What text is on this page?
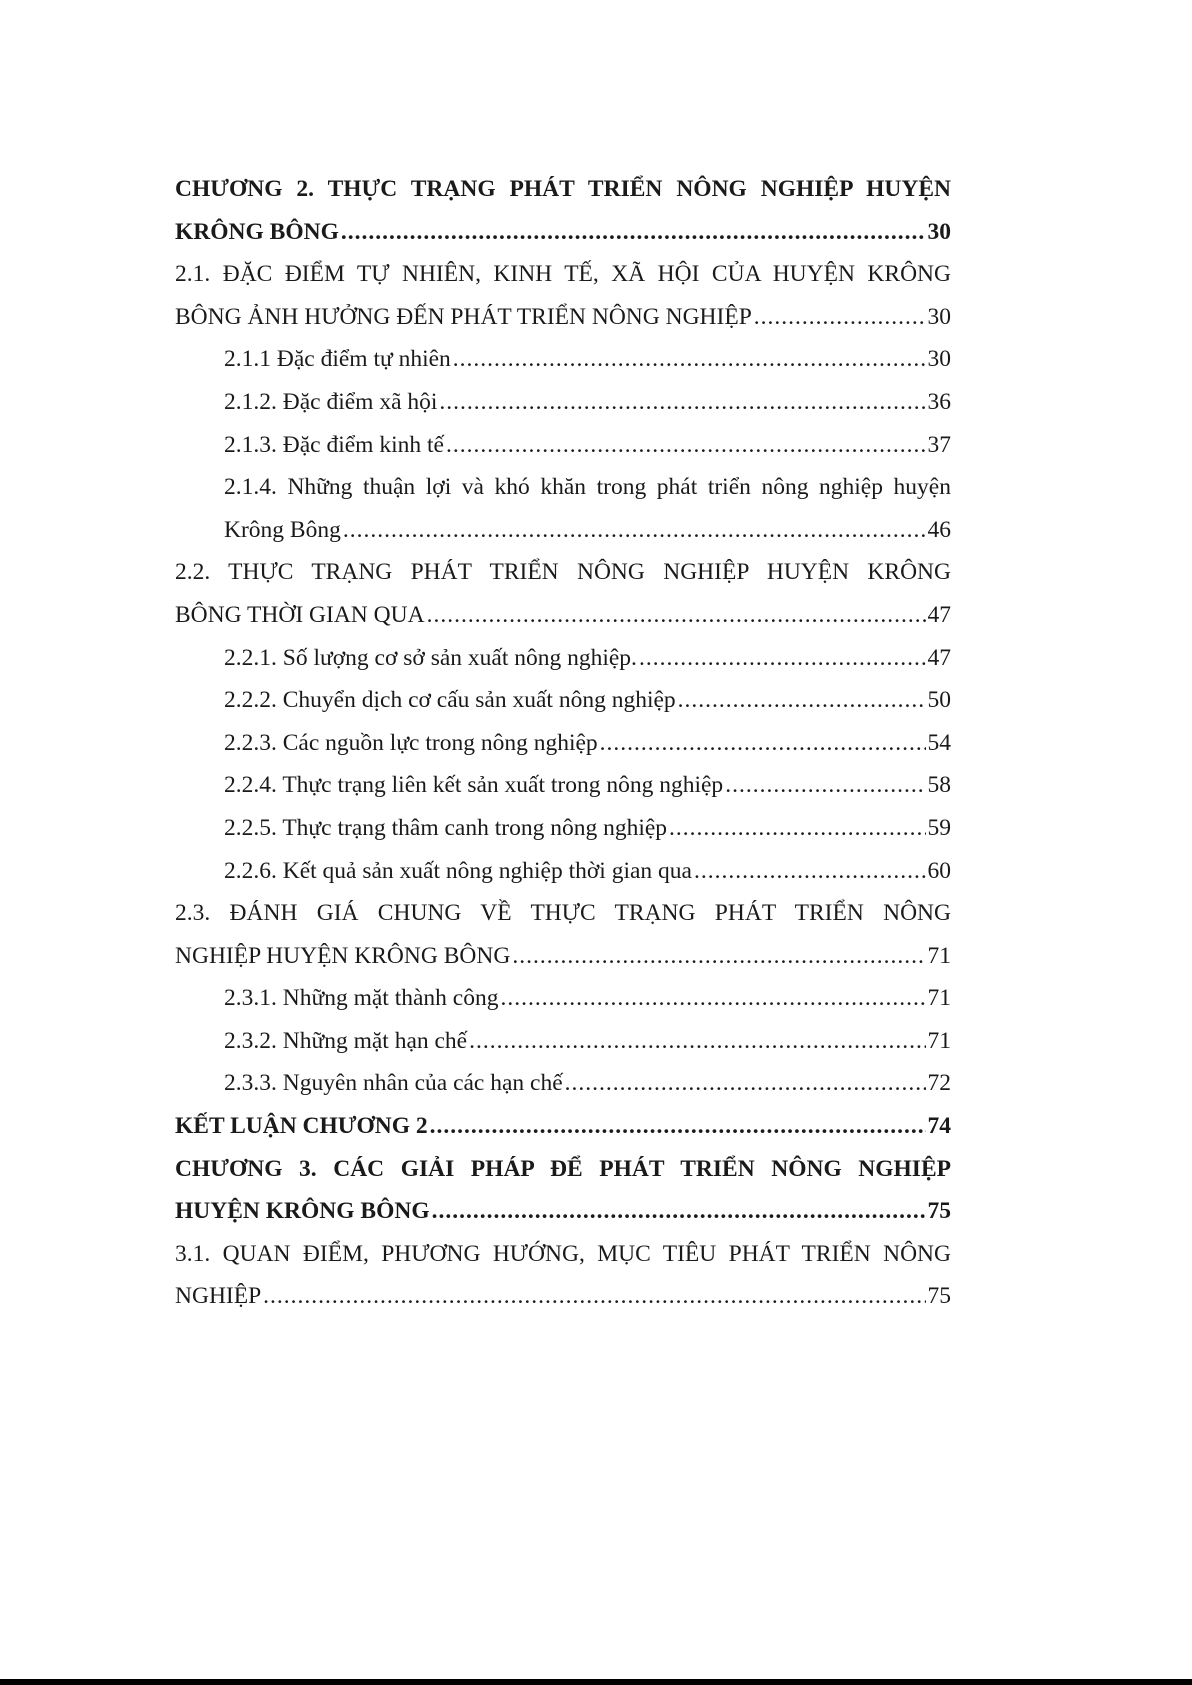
CHƯƠNG 2. THỰC TRẠNG PHÁT TRIỂN NÔNG NGHIỆP HUYỆN
KRÔNG BÔNG .....	30
2.1. ĐẶC ĐIỂM TỰ NHIÊN, KINH TẾ, XÃ HỘI CỦA HUYỆN KRÔNG
BÔNG ẢNH HƯỞNG ĐẾN PHÁT TRIỂN NÔNG NGHIỆP .....	30
2.1.1 Đặc điểm tự nhiên .....	30
2.1.2. Đặc điểm xã hội .....	36
2.1.3. Đặc điểm kinh tế .....	37
2.1.4. Những thuận lợi và khó khăn trong phát triển nông nghiệp huyện
Krông Bông .....	46
2.2. THỰC TRẠNG PHÁT TRIỂN NÔNG NGHIỆP HUYỆN KRÔNG
BÔNG THỜI GIAN QUA .....	47
2.2.1. Số lượng cơ sở sản xuất nông nghiệp. .....	47
2.2.2. Chuyển dịch cơ cấu sản xuất nông nghiệp .....	50
2.2.3. Các nguồn lực trong nông nghiệp .....	54
2.2.4. Thực trạng liên kết sản xuất trong nông nghiệp .....	58
2.2.5. Thực trạng thâm canh trong nông nghiệp .....	59
2.2.6. Kết quả sản xuất nông nghiệp thời gian qua .....	60
2.3. ĐÁNH GIÁ CHUNG VỀ THỰC TRẠNG PHÁT TRIỂN NÔNG
NGHIỆP HUYỆN KRÔNG BÔNG .....	71
2.3.1. Những mặt thành công .....	71
2.3.2. Những mặt hạn chế .....	71
2.3.3. Nguyên nhân của các hạn chế .....	72
KẾT LUẬN CHƯƠNG 2 .....	74
CHƯƠNG 3. CÁC GIẢI PHÁP ĐỂ PHÁT TRIỂN NÔNG NGHIỆP
HUYỆN KRÔNG BÔNG .....	75
3.1. QUAN ĐIỂM, PHƯƠNG HƯỚNG, MỤC TIÊU PHÁT TRIỂN NÔNG
NGHIỆP .....	75
